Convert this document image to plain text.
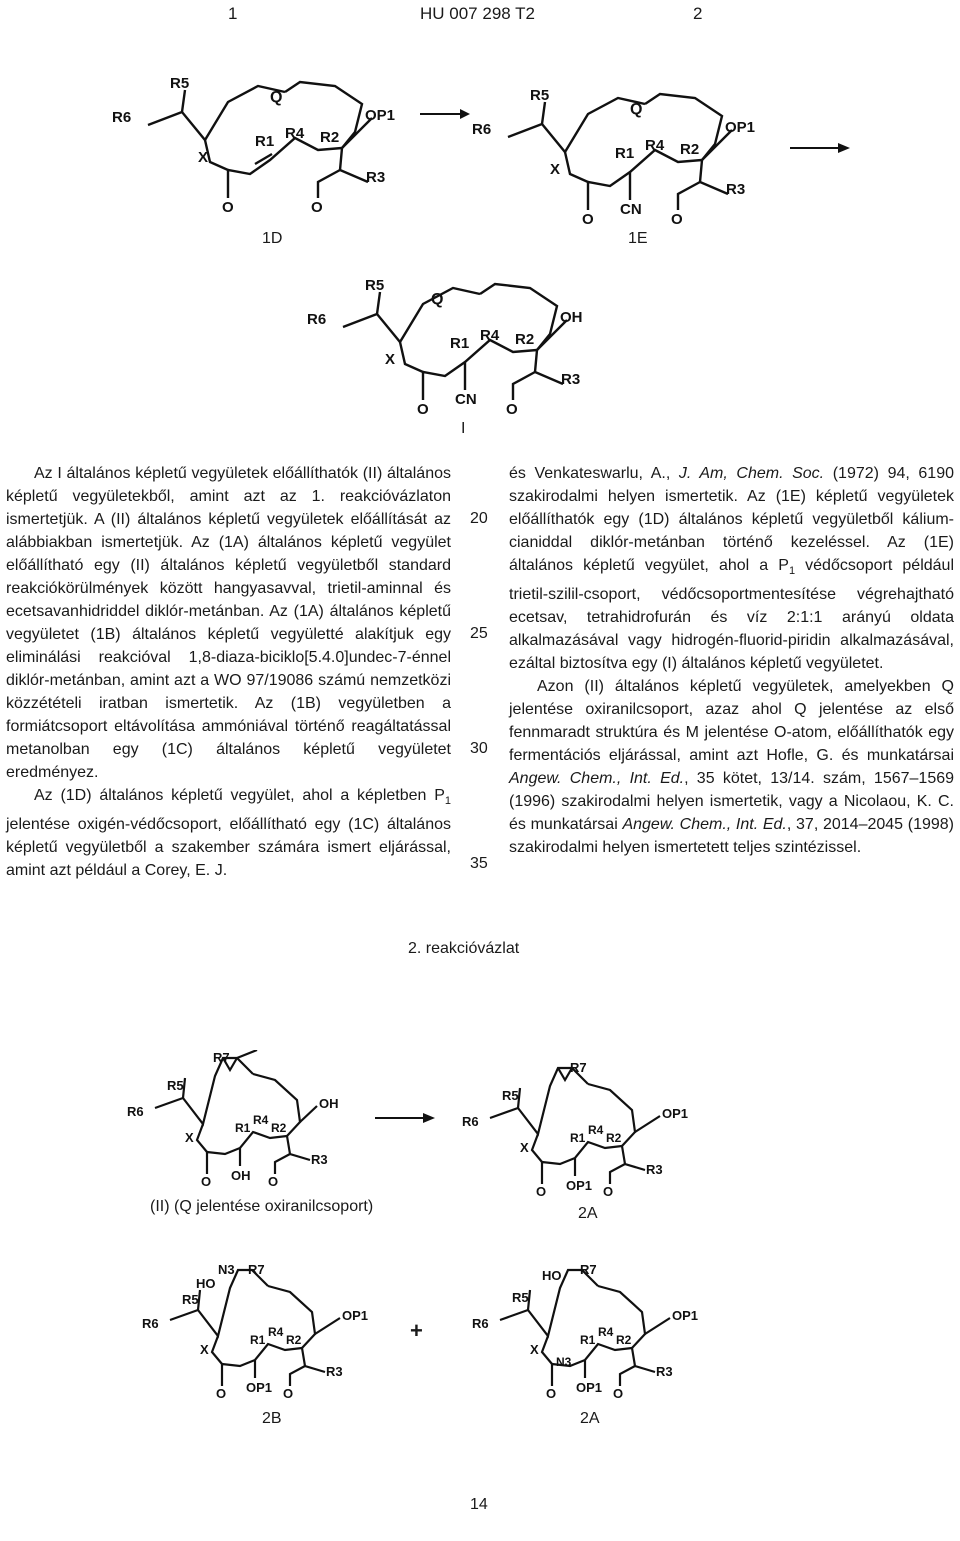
1	HU 007 298 T2	2
R6
R5
Q
X
R1 R4 R2
OP1
R3
O	O
R6
R5
Q
X
R1 R4 R2
OP1
R3
O
CN
O
1D	1E
R6
R5
Q
X
R1 R4 R2
OH
R3
O
CN
O
I

Az I általános képletű vegyületek előállíthatók (II) általános képletű vegyületekből, amint azt az 1. reakcióvázlaton ismertetjük. A (II) általános képletű vegyületek előállítását az alábbiakban ismertetjük. Az (1A) általános képletű vegyület előállítható egy (II) általános képletű vegyületből standard reakciókörülmények között hangyasavval, trietil-aminnal és ecetsavanhidriddel diklór-metánban. Az (1A) általános képletű vegyületet (1B) általános képletű vegyületté alakítjuk egy eliminálási reakcióval 1,8-diaza-biciklo[5.4.0]undec-7-énnel diklór-metánban, amint azt a WO 97/19086 számú nemzetközi közzétételi iratban ismertetik. Az (1B) vegyületben a formiátcsoport eltávolítása ammóniával történő reagáltatással metanolban egy (1C) általános képletű vegyületet eredményez.

Az (1D) általános képletű vegyület, ahol a képletben $P_1$ jelentése oxigén-védőcsoport, előállítható egy (1C) általános képletű vegyületből a szakember számára ismert eljárással, amint azt például a Corey, E. J.

20
25
30
35

és Venkateswarlu, A., J. Am, Chem. Soc. (1972) 94, 6190 szakirodalmi helyen ismertetik. Az (1E) képletű vegyületek előállíthatók egy (1D) általános képletű vegyületből kálium-cianiddal diklór-metánban történő kezeléssel. Az (1E) általános képletű vegyület, ahol a $P_1$ védőcsoport például trietil-szilil-csoport, védőcsoportmentesítése végrehajtható ecetsav, tetrahidrofurán és víz 2:1:1 arányú oldata alkalmazásával vagy hidrogén-fluorid-piridin alkalmazásával, ezáltal biztosítva egy (I) általános képletű vegyületet.

Azon (II) általános képletű vegyületek, amelyekben Q jelentése oxiranilcsoport, azaz ahol Q jelentése az első fennmaradt struktúra és M jelentése O-atom, előállíthatók egy fermentációs eljárással, amint azt Hofle, G. és munkatársai Angew. Chem., Int. Ed., 35 kötet, 13/14. szám, 1567–1569 (1996) szakirodalmi helyen ismertetik, vagy a Nicolaou, K. C. és munkatársai Angew. Chem., Int. Ed., 37, 2014–2045 (1998) szakirodalmi helyen ismertetett teljes szintézissel.

2. reakcióvázlat
R7
R5
R6
OH
X
R1
R4
R2
R3
O OH O
R7
R5
R6
OP1
X
R1
R4
R2
R3
O OP1 O
(II) (Q jelentése oxiranilcsoport)	2A
R7
N3
HO
R5
R6
OP1
X
R1
R4
R2
R3
O OP1 O
+
R7
HO
R5
R6
OP1
X
N3
R1
R4
R2
R3
O OP1 O
2B	2A
14
